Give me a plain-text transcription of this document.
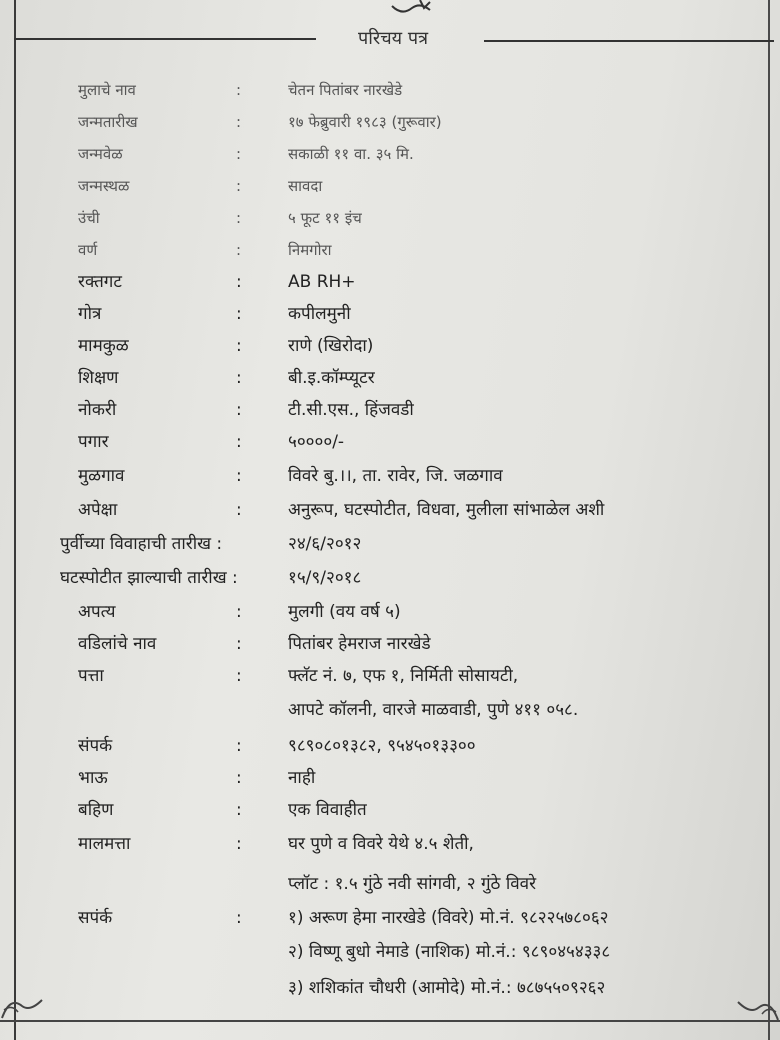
परिचय पत्र
मुलाचे नाव	:	चेतन पितांबर नारखेडे
जन्मतारीख	:	१७ फेब्रुवारी १९८३ (गुरूवार)
जन्मवेळ	:	सकाळी ११ वा. ३५ मि.
जन्मस्थळ	:	सावदा
उंची	:	५ फूट ११ इंच
वर्ण	:	निमगोरा
रक्तगट	:	AB RH+
गोत्र	:	कपीलमुनी
मामकुळ	:	राणे (खिरोदा)
शिक्षण	:	बी.इ.कॉम्प्यूटर
नोकरी	:	टी.सी.एस., हिंजवडी
पगार	:	५००००/-
मुळगाव	:	विवरे बु.।।, ता. रावेर, जि. जळगाव
अपेक्षा	:	अनुरूप, घटस्पोटीत, विधवा, मुलीला सांभाळेल अशी
पुर्वीच्या विवाहाची तारीख :	२४/६/२०१२
घटस्पोटीत झाल्याची तारीख :	१५/९/२०१८
अपत्य	:	मुलगी (वय वर्ष ५)
वडिलांचे नाव	:	पितांबर हेमराज नारखेडे
पत्ता	:	फ्लॅट नं. ७, एफ १, निर्मिती सोसायटी,
आपटे कॉलनी, वारजे माळवाडी, पुणे ४११ ०५८.
संपर्क	:	९८९०८०१३८२, ९५४५०१३३००
भाऊ	:	नाही
बहिण	:	एक विवाहीत
मालमत्ता	:	घर पुणे व विवरे येथे ४.५ शेती,
प्लॉट : १.५ गुंठे नवी सांगवी, २ गुंठे विवरे
सपंर्क	:	१) अरूण हेमा नारखेडे (विवरे) मो.नं. ९८२२५७८०६२
२) विष्णू बुधो नेमाडे (नाशिक) मो.नं.: ९८९०४५४३३८
३) शशिकांत चौधरी (आमोदे) मो.नं.: ७८७५५०९२६२
